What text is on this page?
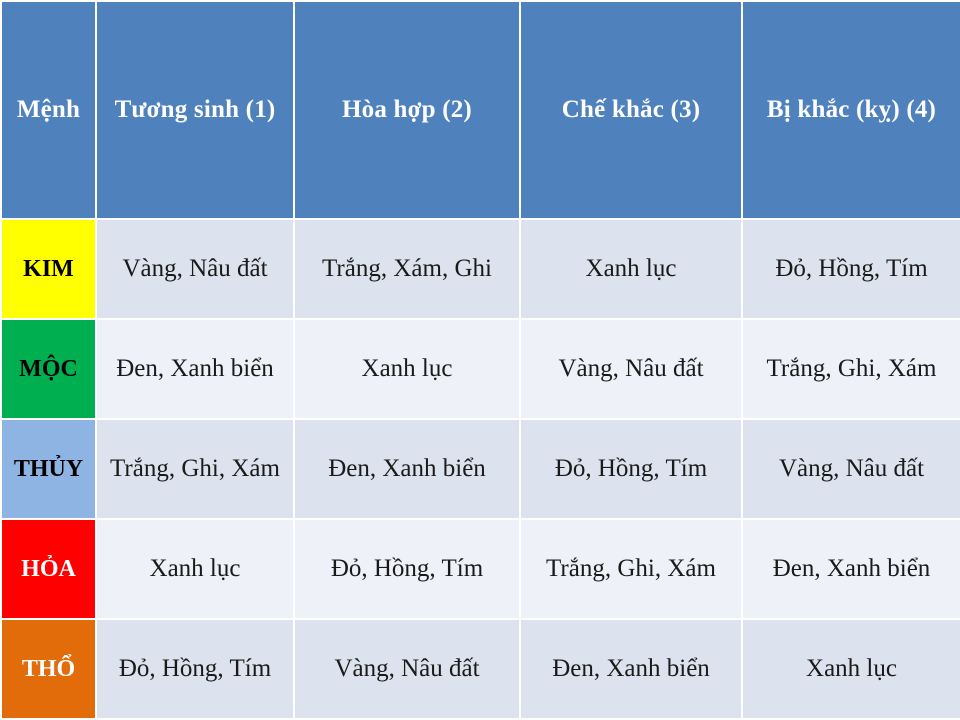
Mệnh	Tương sinh (1)	Hòa hợp (2)	Chế khắc (3)	Bị khắc (kỵ) (4)
KIM	Vàng, Nâu đất	Trắng, Xám, Ghi	Xanh lục	Đỏ, Hồng, Tím
MỘC	Đen, Xanh biển	Xanh lục	Vàng, Nâu đất	Trắng, Ghi, Xám
THỦY	Trắng, Ghi, Xám	Đen, Xanh biển	Đỏ, Hồng, Tím	Vàng, Nâu đất
HỎA	Xanh lục	Đỏ, Hồng, Tím	Trắng, Ghi, Xám	Đen, Xanh biển
THỔ	Đỏ, Hồng, Tím	Vàng, Nâu đất	Đen, Xanh biển	Xanh lục
